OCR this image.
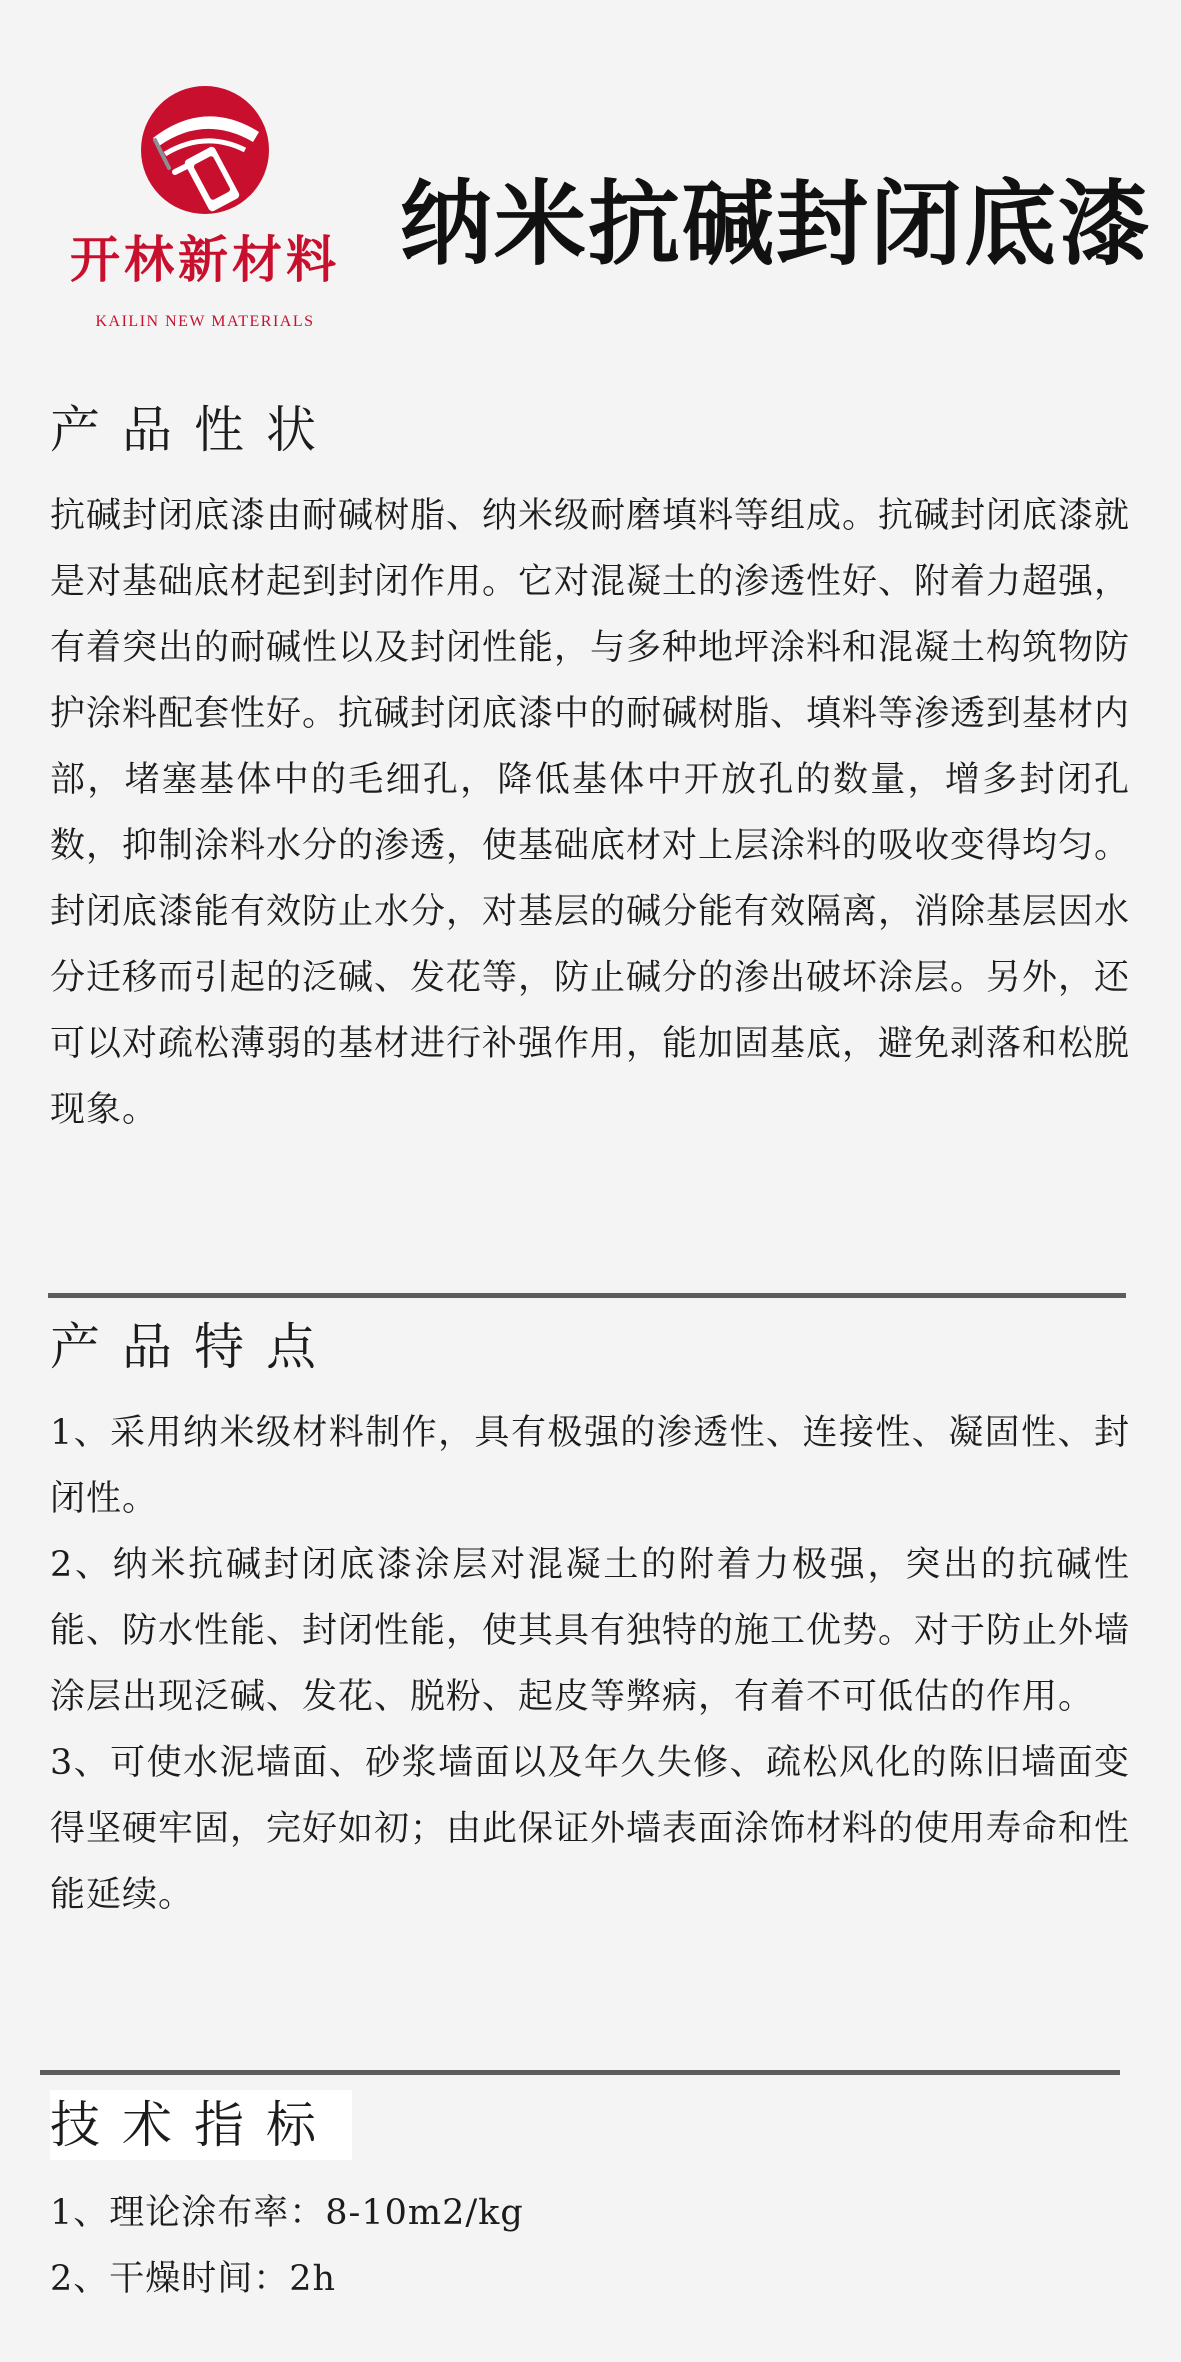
开林新材料
KAILIN NEW MATERIALS
纳米抗碱封闭底漆
产品性状

抗碱封闭底漆由耐碱树脂、纳米级耐磨填料等组成。抗碱封闭底漆就是对基础底材起到封闭作用。它对混凝土的渗透性好、附着力超强，有着突出的耐碱性以及封闭性能，与多种地坪涂料和混凝土构筑物防护涂料配套性好。抗碱封闭底漆中的耐碱树脂、填料等渗透到基材内部，堵塞基体中的毛细孔，降低基体中开放孔的数量，增多封闭孔数，抑制涂料水分的渗透，使基础底材对上层涂料的吸收变得均匀。

封闭底漆能有效防止水分，对基层的碱分能有效隔离，消除基层因水分迁移而引起的泛碱、发花等，防止碱分的渗出破坏涂层。另外，还可以对疏松薄弱的基材进行补强作用，能加固基底，避免剥落和松脱现象。

产品特点

1、采用纳米级材料制作，具有极强的渗透性、连接性、凝固性、封闭性。

2、纳米抗碱封闭底漆涂层对混凝土的附着力极强，突出的抗碱性能、防水性能、封闭性能，使其具有独特的施工优势。对于防止外墙涂层出现泛碱、发花、脱粉、起皮等弊病，有着不可低估的作用。

3、可使水泥墙面、砂浆墙面以及年久失修、疏松风化的陈旧墙面变得坚硬牢固，完好如初；由此保证外墙表面涂饰材料的使用寿命和性能延续。

技术指标

1、理论涂布率：8-10m2/kg

2、干燥时间：2h
